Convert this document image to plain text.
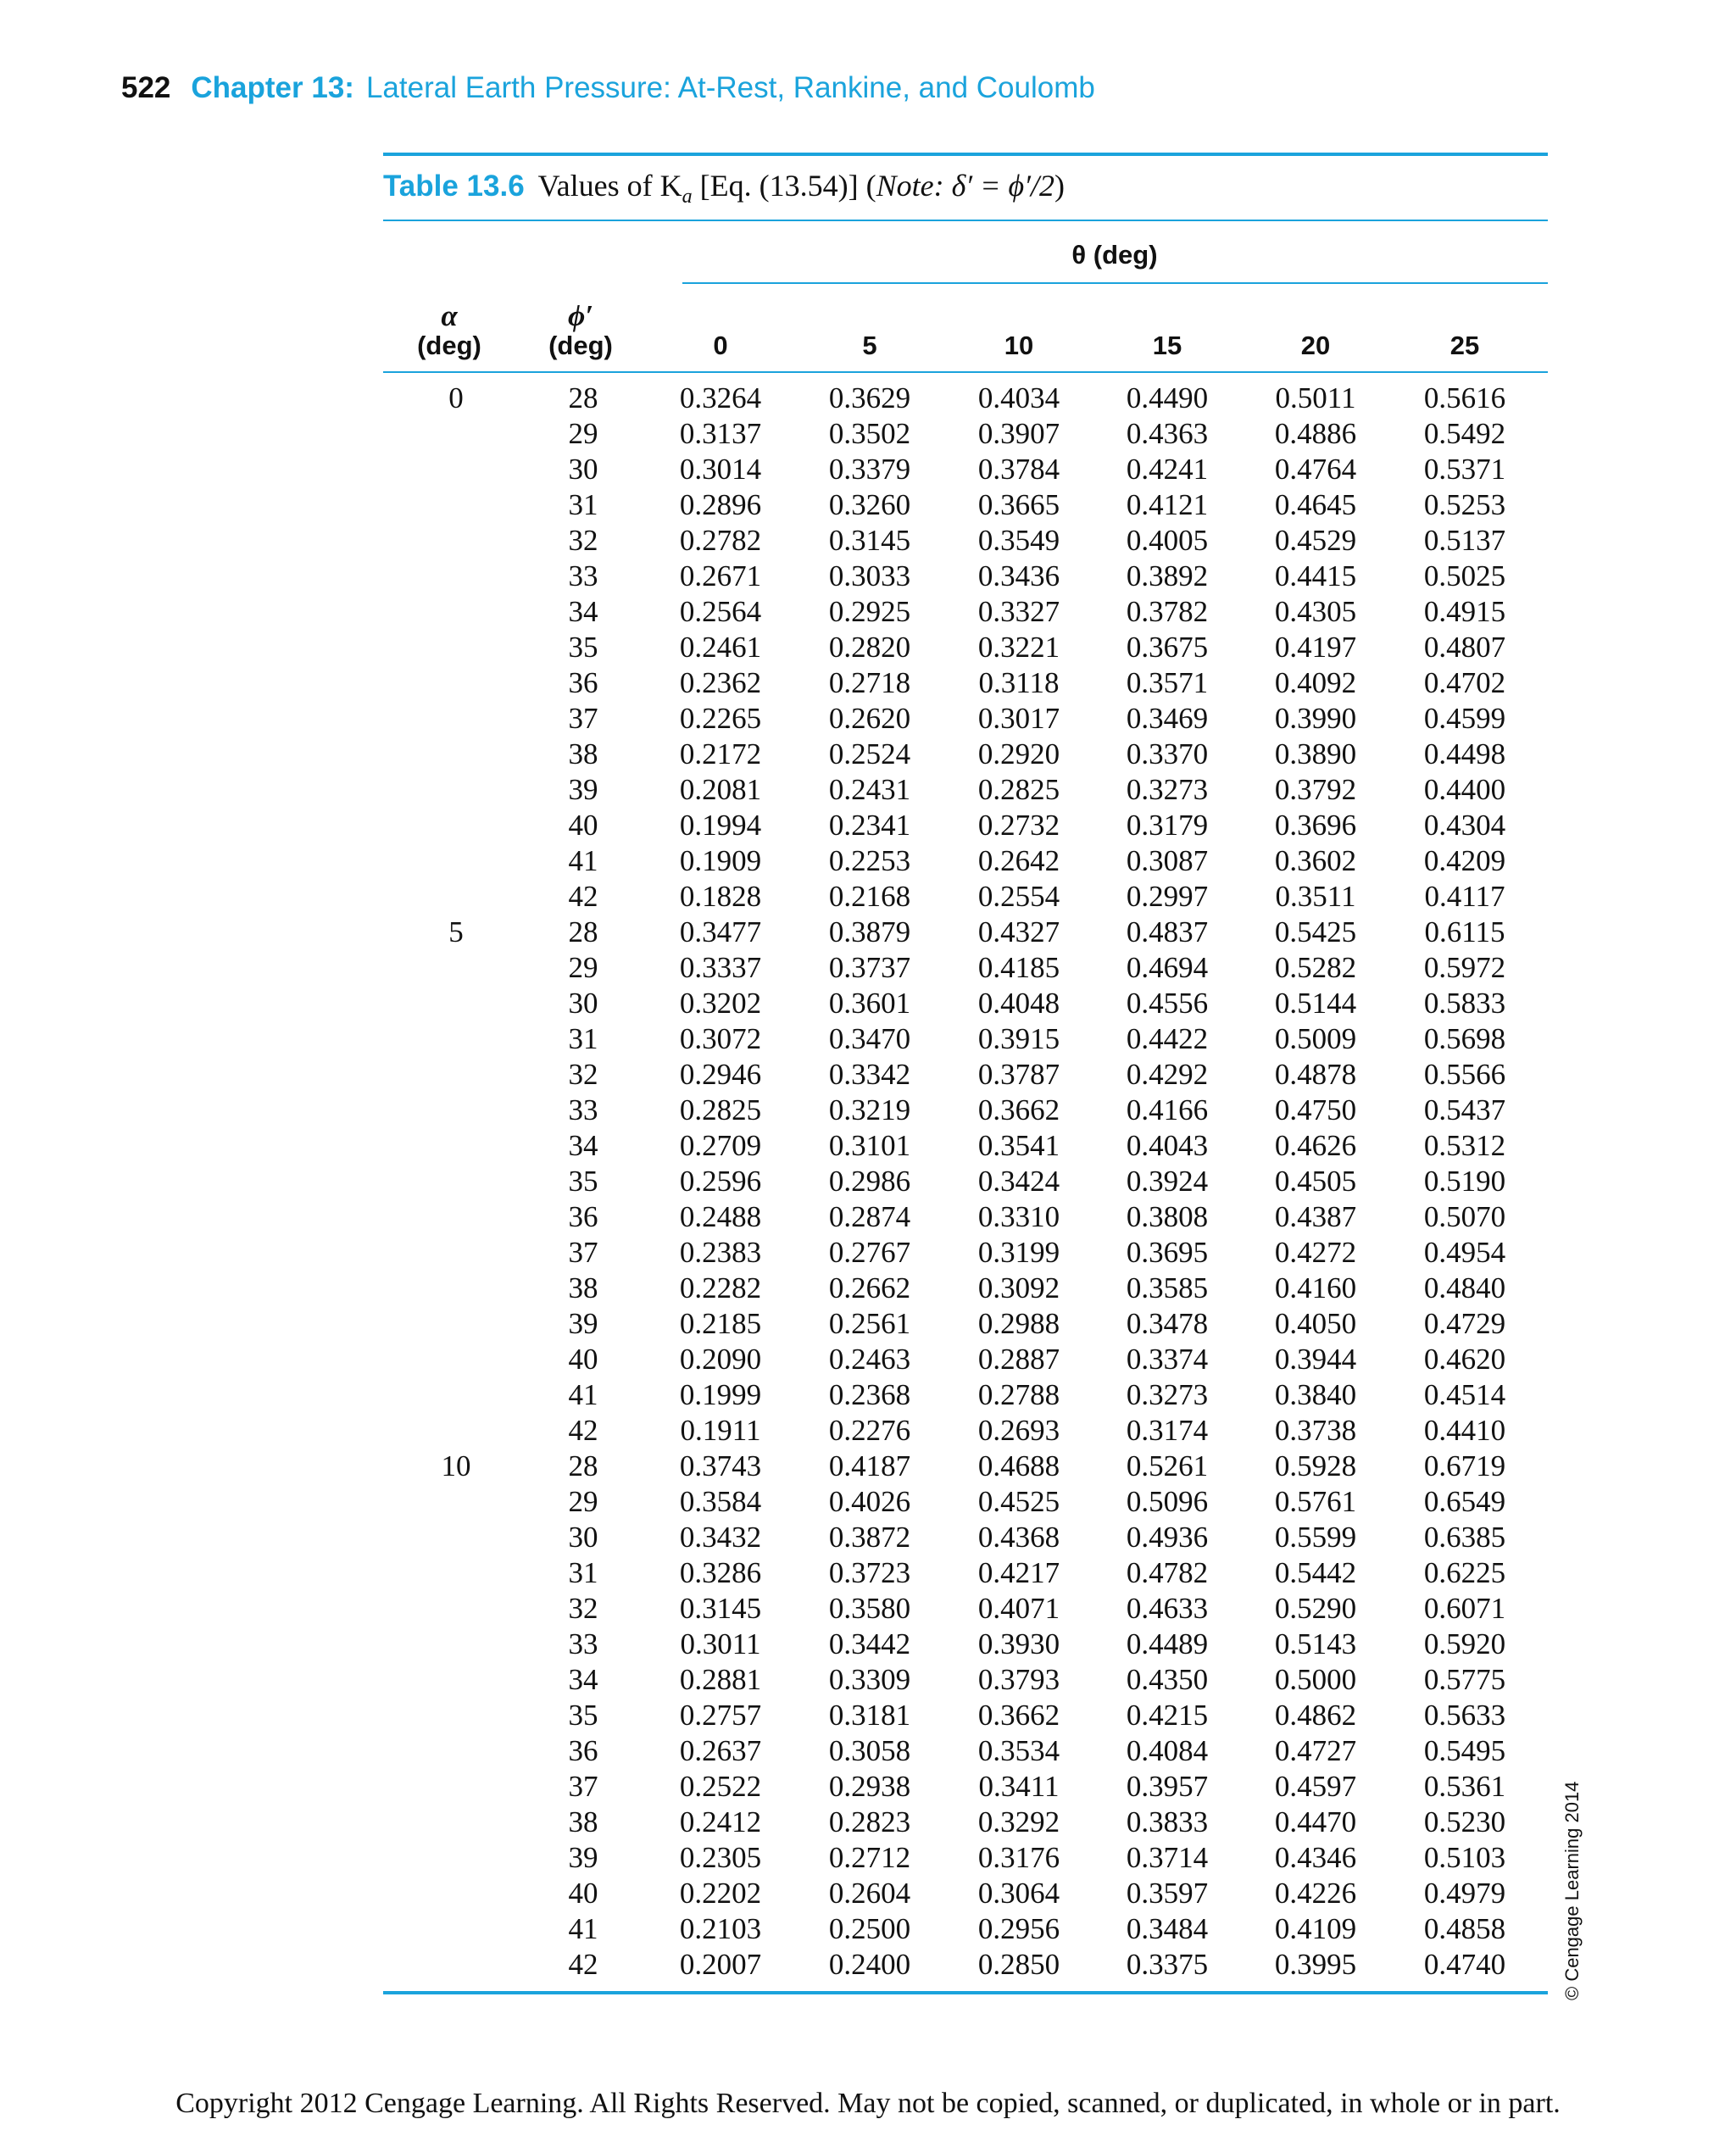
522 Chapter 13: Lateral Earth Pressure: At-Rest, Rankine, and Coulomb
Table 13.6 Values of $K_a$ [Eq. (13.54)] (Note: δ′ = ϕ′/2)
θ (deg)
α
(deg)
ϕ′
(deg)	0	5	10	15	20	25
0	28	0.3264	0.3629	0.4034	0.4490	0.5011	0.5616
29	0.3137	0.3502	0.3907	0.4363	0.4886	0.5492
30	0.3014	0.3379	0.3784	0.4241	0.4764	0.5371
31	0.2896	0.3260	0.3665	0.4121	0.4645	0.5253
32	0.2782	0.3145	0.3549	0.4005	0.4529	0.5137
33	0.2671	0.3033	0.3436	0.3892	0.4415	0.5025
34	0.2564	0.2925	0.3327	0.3782	0.4305	0.4915
35	0.2461	0.2820	0.3221	0.3675	0.4197	0.4807
36	0.2362	0.2718	0.3118	0.3571	0.4092	0.4702
37	0.2265	0.2620	0.3017	0.3469	0.3990	0.4599
38	0.2172	0.2524	0.2920	0.3370	0.3890	0.4498
39	0.2081	0.2431	0.2825	0.3273	0.3792	0.4400
40	0.1994	0.2341	0.2732	0.3179	0.3696	0.4304
41	0.1909	0.2253	0.2642	0.3087	0.3602	0.4209
42	0.1828	0.2168	0.2554	0.2997	0.3511	0.4117
5	28	0.3477	0.3879	0.4327	0.4837	0.5425	0.6115
29	0.3337	0.3737	0.4185	0.4694	0.5282	0.5972
30	0.3202	0.3601	0.4048	0.4556	0.5144	0.5833
31	0.3072	0.3470	0.3915	0.4422	0.5009	0.5698
32	0.2946	0.3342	0.3787	0.4292	0.4878	0.5566
33	0.2825	0.3219	0.3662	0.4166	0.4750	0.5437
34	0.2709	0.3101	0.3541	0.4043	0.4626	0.5312
35	0.2596	0.2986	0.3424	0.3924	0.4505	0.5190
36	0.2488	0.2874	0.3310	0.3808	0.4387	0.5070
37	0.2383	0.2767	0.3199	0.3695	0.4272	0.4954
38	0.2282	0.2662	0.3092	0.3585	0.4160	0.4840
39	0.2185	0.2561	0.2988	0.3478	0.4050	0.4729
40	0.2090	0.2463	0.2887	0.3374	0.3944	0.4620
41	0.1999	0.2368	0.2788	0.3273	0.3840	0.4514
42	0.1911	0.2276	0.2693	0.3174	0.3738	0.4410
10	28	0.3743	0.4187	0.4688	0.5261	0.5928	0.6719
29	0.3584	0.4026	0.4525	0.5096	0.5761	0.6549
30	0.3432	0.3872	0.4368	0.4936	0.5599	0.6385
31	0.3286	0.3723	0.4217	0.4782	0.5442	0.6225
32	0.3145	0.3580	0.4071	0.4633	0.5290	0.6071
33	0.3011	0.3442	0.3930	0.4489	0.5143	0.5920
34	0.2881	0.3309	0.3793	0.4350	0.5000	0.5775
35	0.2757	0.3181	0.3662	0.4215	0.4862	0.5633
36	0.2637	0.3058	0.3534	0.4084	0.4727	0.5495
37	0.2522	0.2938	0.3411	0.3957	0.4597	0.5361
38	0.2412	0.2823	0.3292	0.3833	0.4470	0.5230
39	0.2305	0.2712	0.3176	0.3714	0.4346	0.5103
40	0.2202	0.2604	0.3064	0.3597	0.4226	0.4979
41	0.2103	0.2500	0.2956	0.3484	0.4109	0.4858
42	0.2007	0.2400	0.2850	0.3375	0.3995	0.4740	© Cengage Learning 2014
Copyright 2012 Cengage Learning. All Rights Reserved. May not be copied, scanned, or duplicated, in whole or in part.
